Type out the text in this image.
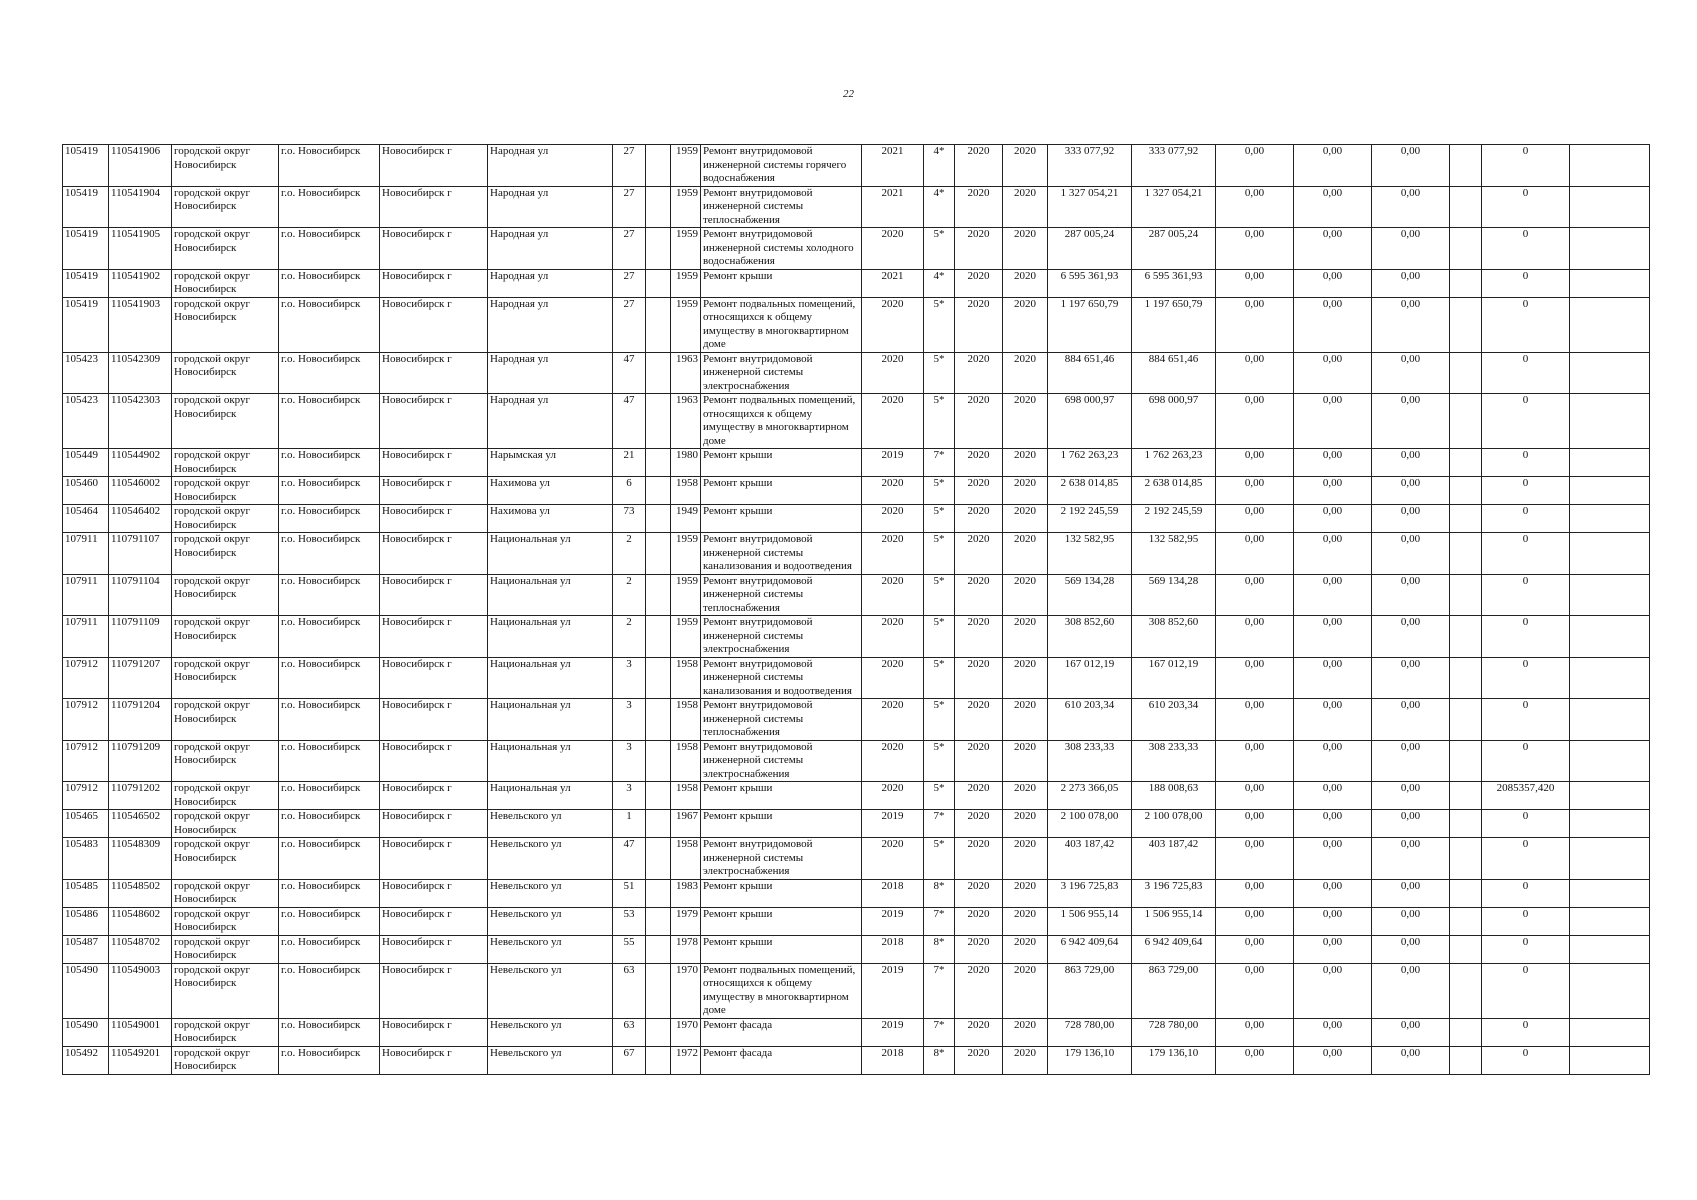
22
105419	110541906	городской округ Новосибирск	г.о. Новосибирск	Новосибирск г	Народная ул	27		1959	Ремонт внутридомовой инженерной системы горячего водоснабжения	2021	4*	2020	2020	333 077,92	333 077,92	0,00	0,00	0,00		0	
105419	110541904	городской округ Новосибирск	г.о. Новосибирск	Новосибирск г	Народная ул	27		1959	Ремонт внутридомовой инженерной системы теплоснабжения	2021	4*	2020	2020	1 327 054,21	1 327 054,21	0,00	0,00	0,00		0	
105419	110541905	городской округ Новосибирск	г.о. Новосибирск	Новосибирск г	Народная ул	27		1959	Ремонт внутридомовой инженерной системы холодного водоснабжения	2020	5*	2020	2020	287 005,24	287 005,24	0,00	0,00	0,00		0	
105419	110541902	городской округ Новосибирск	г.о. Новосибирск	Новосибирск г	Народная ул	27		1959	Ремонт крыши	2021	4*	2020	2020	6 595 361,93	6 595 361,93	0,00	0,00	0,00		0	
105419	110541903	городской округ Новосибирск	г.о. Новосибирск	Новосибирск г	Народная ул	27		1959	Ремонт подвальных помещений, относящихся к общему имуществу в многоквартирном доме	2020	5*	2020	2020	1 197 650,79	1 197 650,79	0,00	0,00	0,00		0	
105423	110542309	городской округ Новосибирск	г.о. Новосибирск	Новосибирск г	Народная ул	47		1963	Ремонт внутридомовой инженерной системы электроснабжения	2020	5*	2020	2020	884 651,46	884 651,46	0,00	0,00	0,00		0	
105423	110542303	городской округ Новосибирск	г.о. Новосибирск	Новосибирск г	Народная ул	47		1963	Ремонт подвальных помещений, относящихся к общему имуществу в многоквартирном доме	2020	5*	2020	2020	698 000,97	698 000,97	0,00	0,00	0,00		0	
105449	110544902	городской округ Новосибирск	г.о. Новосибирск	Новосибирск г	Нарымская ул	21		1980	Ремонт крыши	2019	7*	2020	2020	1 762 263,23	1 762 263,23	0,00	0,00	0,00		0	
105460	110546002	городской округ Новосибирск	г.о. Новосибирск	Новосибирск г	Нахимова ул	6		1958	Ремонт крыши	2020	5*	2020	2020	2 638 014,85	2 638 014,85	0,00	0,00	0,00		0	
105464	110546402	городской округ Новосибирск	г.о. Новосибирск	Новосибирск г	Нахимова ул	73		1949	Ремонт крыши	2020	5*	2020	2020	2 192 245,59	2 192 245,59	0,00	0,00	0,00		0	
107911	110791107	городской округ Новосибирск	г.о. Новосибирск	Новосибирск г	Национальная ул	2		1959	Ремонт внутридомовой инженерной системы канализования и водоотведения	2020	5*	2020	2020	132 582,95	132 582,95	0,00	0,00	0,00		0	
107911	110791104	городской округ Новосибирск	г.о. Новосибирск	Новосибирск г	Национальная ул	2		1959	Ремонт внутридомовой инженерной системы теплоснабжения	2020	5*	2020	2020	569 134,28	569 134,28	0,00	0,00	0,00		0	
107911	110791109	городской округ Новосибирск	г.о. Новосибирск	Новосибирск г	Национальная ул	2		1959	Ремонт внутридомовой инженерной системы электроснабжения	2020	5*	2020	2020	308 852,60	308 852,60	0,00	0,00	0,00		0	
107912	110791207	городской округ Новосибирск	г.о. Новосибирск	Новосибирск г	Национальная ул	3		1958	Ремонт внутридомовой инженерной системы канализования и водоотведения	2020	5*	2020	2020	167 012,19	167 012,19	0,00	0,00	0,00		0	
107912	110791204	городской округ Новосибирск	г.о. Новосибирск	Новосибирск г	Национальная ул	3		1958	Ремонт внутридомовой инженерной системы теплоснабжения	2020	5*	2020	2020	610 203,34	610 203,34	0,00	0,00	0,00		0	
107912	110791209	городской округ Новосибирск	г.о. Новосибирск	Новосибирск г	Национальная ул	3		1958	Ремонт внутридомовой инженерной системы электроснабжения	2020	5*	2020	2020	308 233,33	308 233,33	0,00	0,00	0,00		0	
107912	110791202	городской округ Новосибирск	г.о. Новосибирск	Новосибирск г	Национальная ул	3		1958	Ремонт крыши	2020	5*	2020	2020	2 273 366,05	188 008,63	0,00	0,00	0,00		2085357,420	
105465	110546502	городской округ Новосибирск	г.о. Новосибирск	Новосибирск г	Невельского ул	1		1967	Ремонт крыши	2019	7*	2020	2020	2 100 078,00	2 100 078,00	0,00	0,00	0,00		0	
105483	110548309	городской округ Новосибирск	г.о. Новосибирск	Новосибирск г	Невельского ул	47		1958	Ремонт внутридомовой инженерной системы электроснабжения	2020	5*	2020	2020	403 187,42	403 187,42	0,00	0,00	0,00		0	
105485	110548502	городской округ Новосибирск	г.о. Новосибирск	Новосибирск г	Невельского ул	51		1983	Ремонт крыши	2018	8*	2020	2020	3 196 725,83	3 196 725,83	0,00	0,00	0,00		0	
105486	110548602	городской округ Новосибирск	г.о. Новосибирск	Новосибирск г	Невельского ул	53		1979	Ремонт крыши	2019	7*	2020	2020	1 506 955,14	1 506 955,14	0,00	0,00	0,00		0	
105487	110548702	городской округ Новосибирск	г.о. Новосибирск	Новосибирск г	Невельского ул	55		1978	Ремонт крыши	2018	8*	2020	2020	6 942 409,64	6 942 409,64	0,00	0,00	0,00		0	
105490	110549003	городской округ Новосибирск	г.о. Новосибирск	Новосибирск г	Невельского ул	63		1970	Ремонт подвальных помещений, относящихся к общему имуществу в многоквартирном доме	2019	7*	2020	2020	863 729,00	863 729,00	0,00	0,00	0,00		0	
105490	110549001	городской округ Новосибирск	г.о. Новосибирск	Новосибирск г	Невельского ул	63		1970	Ремонт фасада	2019	7*	2020	2020	728 780,00	728 780,00	0,00	0,00	0,00		0	
105492	110549201	городской округ Новосибирск	г.о. Новосибирск	Новосибирск г	Невельского ул	67		1972	Ремонт фасада	2018	8*	2020	2020	179 136,10	179 136,10	0,00	0,00	0,00		0	
